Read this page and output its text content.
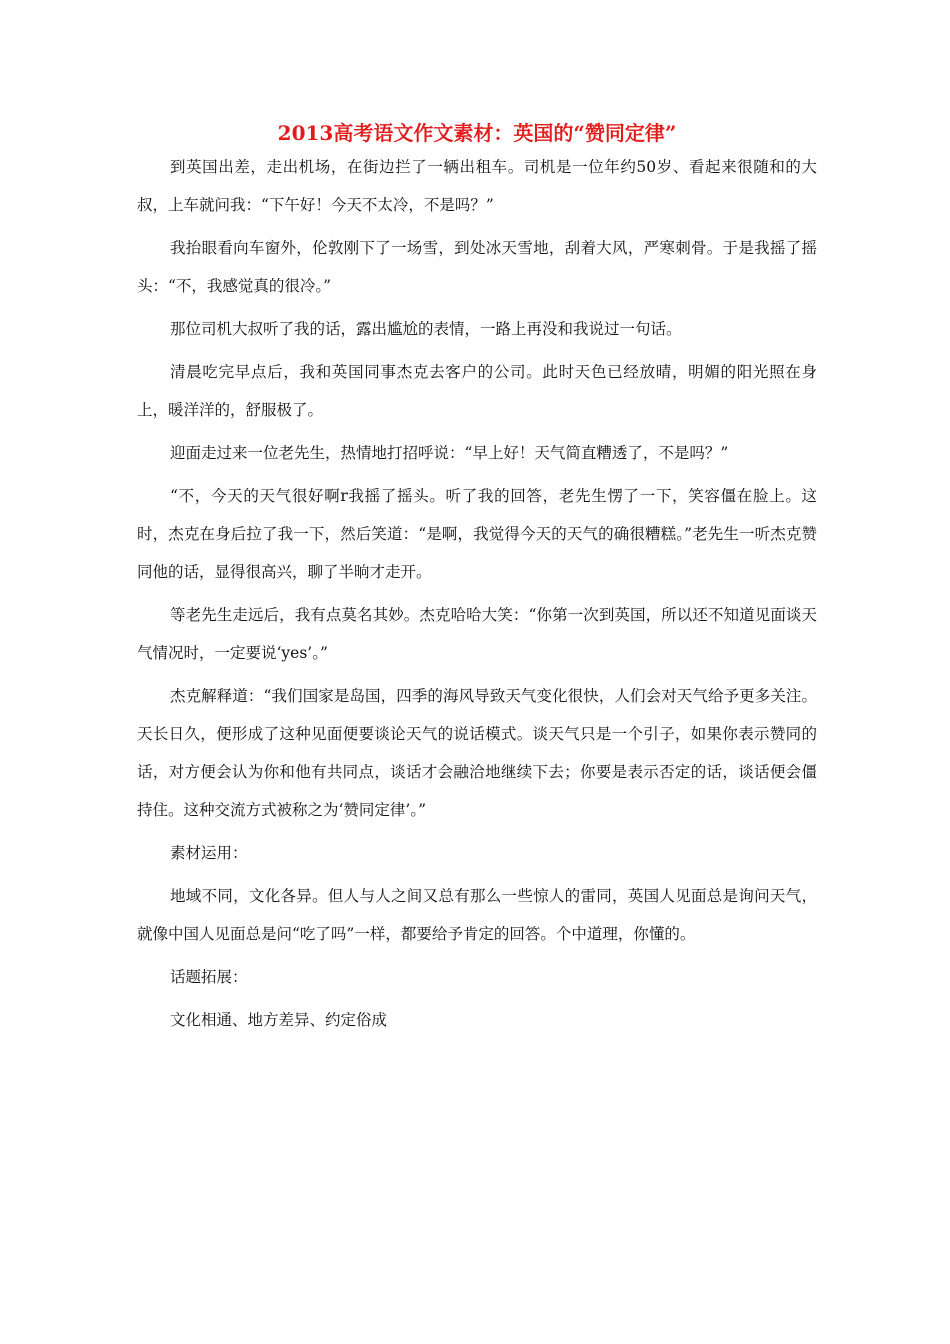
2013高考语文作文素材：英国的“赞同定律”

到英国出差，走出机场，在街边拦了一辆出租车。司机是一位年约50岁、看起来很随和的大叔，上车就问我：“下午好！今天不太冷，不是吗？”

我抬眼看向车窗外，伦敦刚下了一场雪，到处冰天雪地，刮着大风，严寒刺骨。于是我摇了摇头：“不，我感觉真的很冷。”

那位司机大叔听了我的话，露出尴尬的表情，一路上再没和我说过一句话。

清晨吃完早点后，我和英国同事杰克去客户的公司。此时天色已经放晴，明媚的阳光照在身上，暖洋洋的，舒服极了。

迎面走过来一位老先生，热情地打招呼说：“早上好！天气简直糟透了，不是吗？”

“不，今天的天气很好啊r我摇了摇头。听了我的回答，老先生愣了一下，笑容僵在脸上。这时，杰克在身后拉了我一下，然后笑道：“是啊，我觉得今天的天气的确很糟糕。”老先生一听杰克赞同他的话，显得很高兴，聊了半晌才走开。

等老先生走远后，我有点莫名其妙。杰克哈哈大笑：“你第一次到英国，所以还不知道见面谈天气情况时，一定要说‘yes’。”

杰克解释道：“我们国家是岛国，四季的海风导致天气变化很快，人们会对天气给予更多关注。天长日久，便形成了这种见面便要谈论天气的说话模式。谈天气只是一个引子，如果你表示赞同的话，对方便会认为你和他有共同点，谈话才会融洽地继续下去；你要是表示否定的话，谈话便会僵持住。这种交流方式被称之为‘赞同定律’。”

素材运用：

地域不同，文化各异。但人与人之间又总有那么一些惊人的雷同，英国人见面总是询问天气，就像中国人见面总是问“吃了吗”一样，都要给予肯定的回答。个中道理，你懂的。

话题拓展：

文化相通、地方差异、约定俗成
